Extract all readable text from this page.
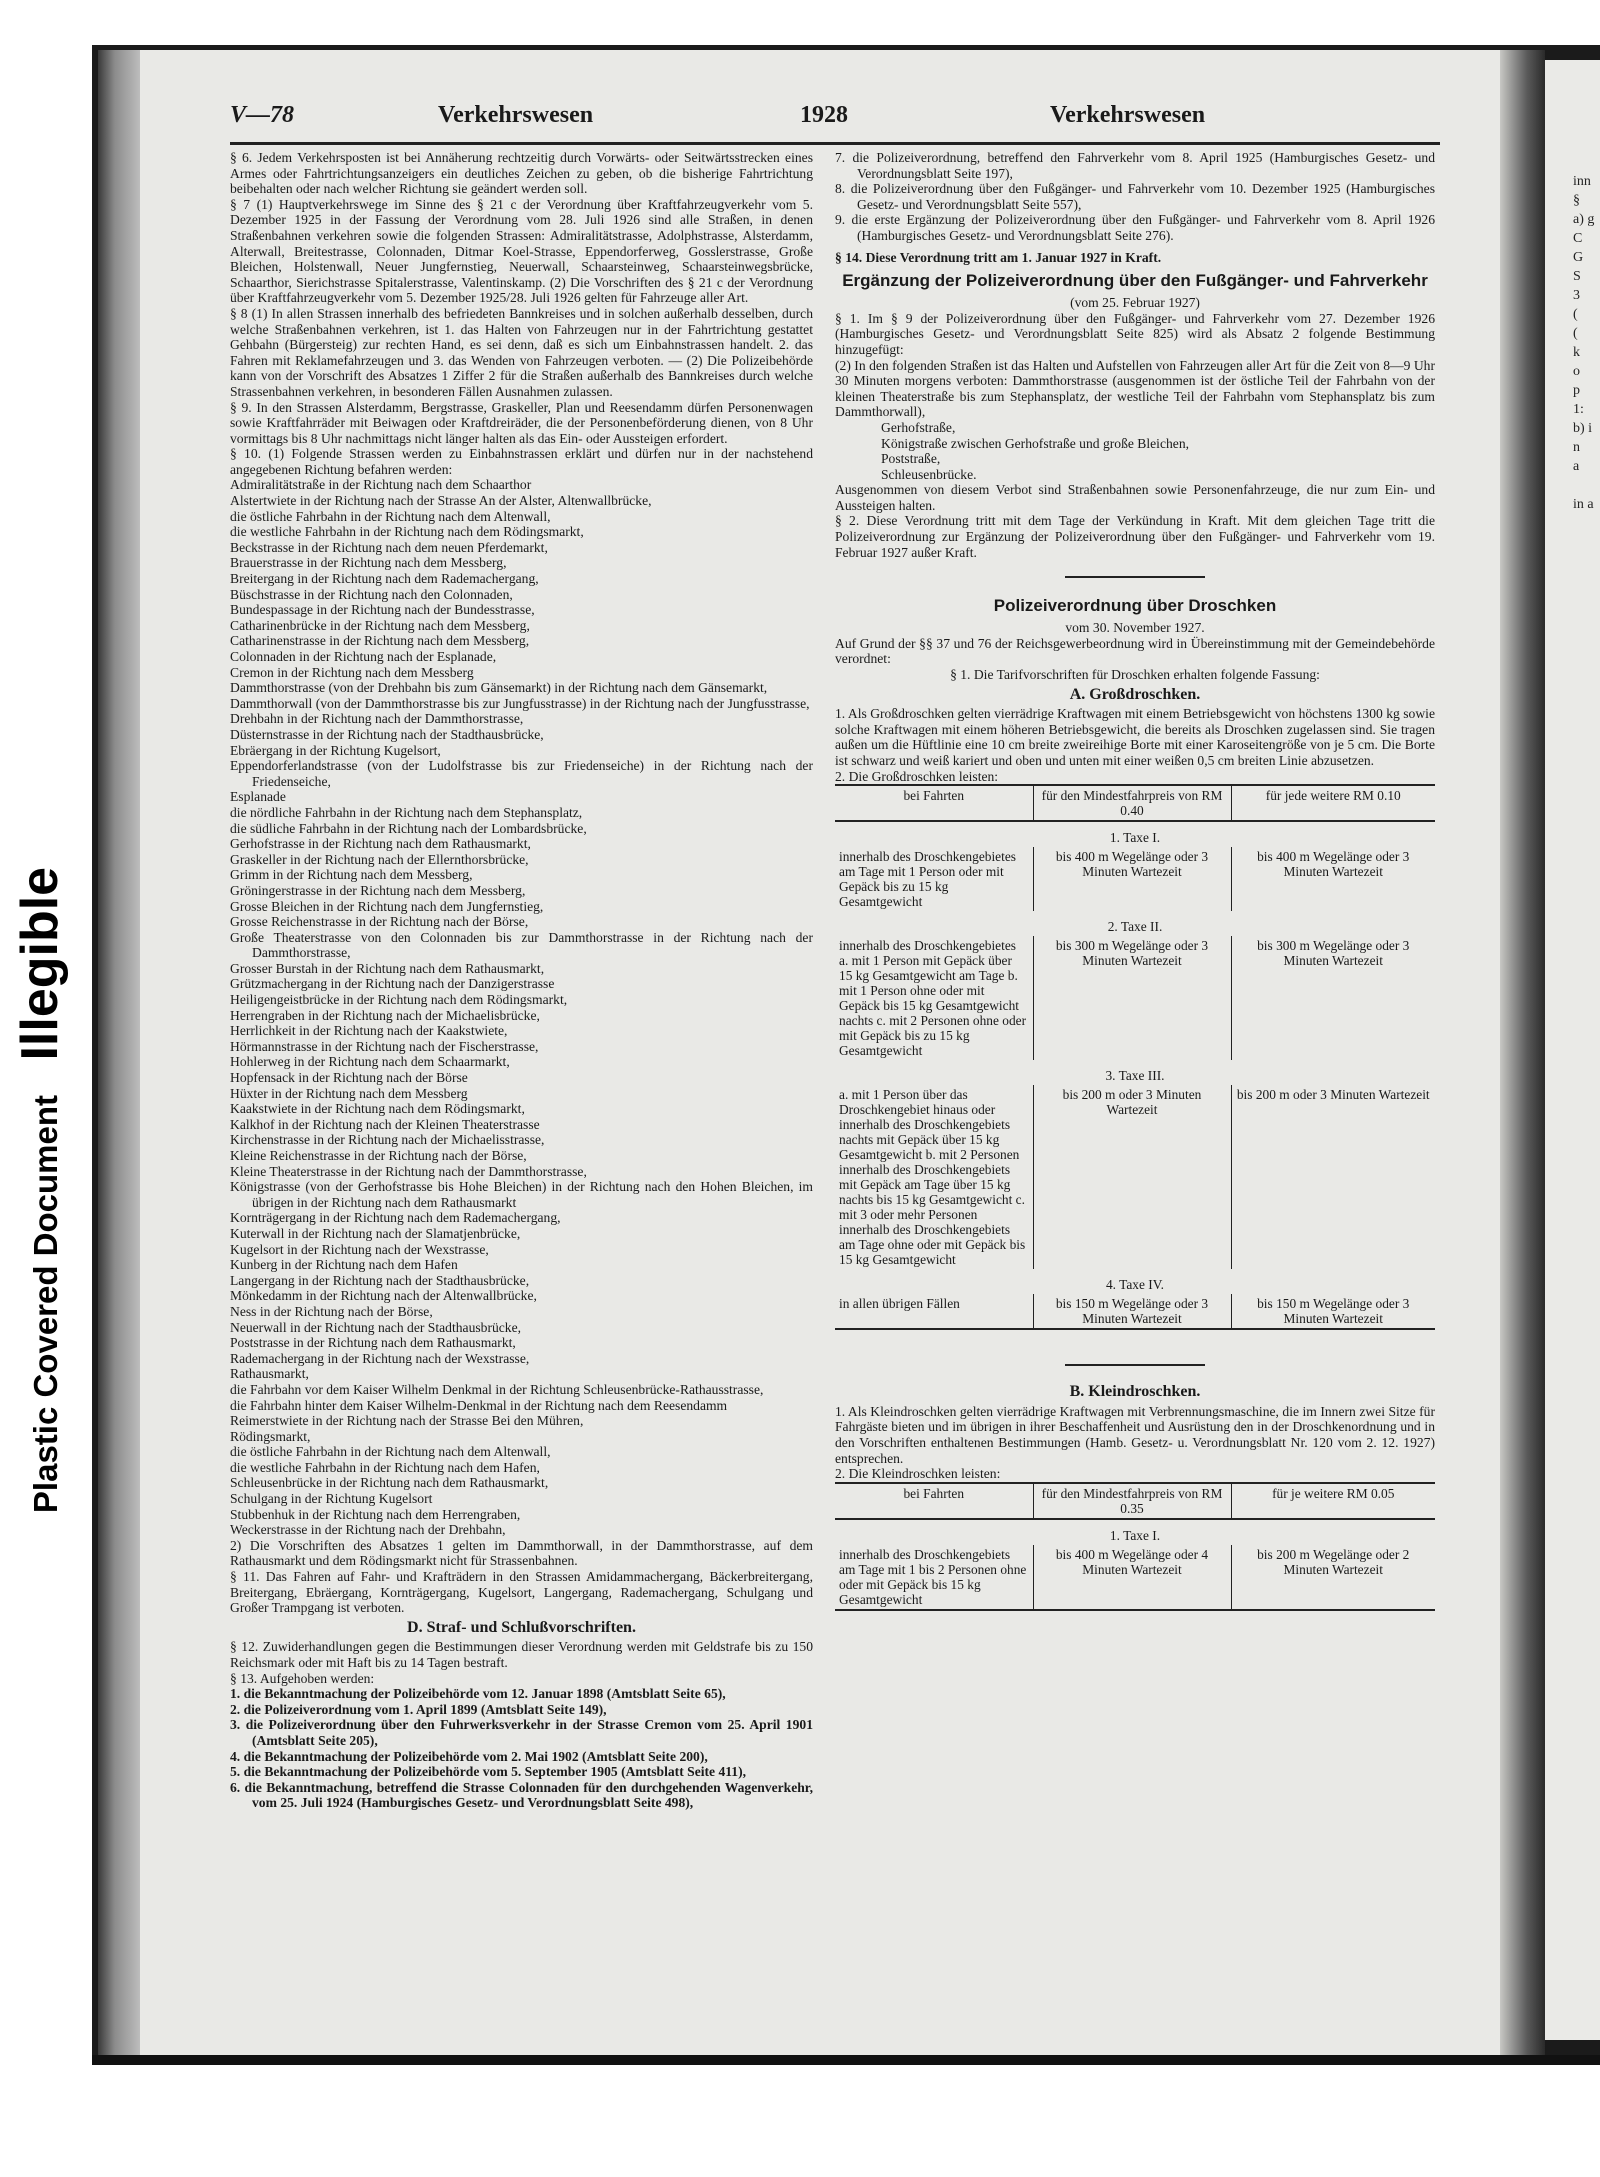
inn
§
a) g
C
G
S
3
(
(
k
o
p
1:
b) i
n
a
in a
Plastic Covered Document Illegible
V—78	Verkehrswesen	1928	Verkehrswesen

§ 6. Jedem Verkehrsposten ist bei Annäherung rechtzeitig durch Vorwärts- oder Seitwärtsstrecken eines Armes oder Fahrtrichtungsanzeigers ein deutliches Zeichen zu geben, ob die bisherige Fahrtrichtung beibehalten oder nach welcher Richtung sie geändert werden soll.

§ 7 (1) Hauptverkehrswege im Sinne des § 21 c der Verordnung über Kraftfahrzeugverkehr vom 5. Dezember 1925 in der Fassung der Verordnung vom 28. Juli 1926 sind alle Straßen, in denen Straßenbahnen verkehren sowie die folgenden Strassen: Admiralitätstrasse, Adolphstrasse, Alsterdamm, Alterwall, Breitestrasse, Colonnaden, Ditmar Koel-Strasse, Eppendorferweg, Gosslerstrasse, Große Bleichen, Holstenwall, Neuer Jungfernstieg, Neuerwall, Schaarsteinweg, Schaarsteinwegsbrücke, Schaarthor, Sierichstrasse Spitalerstrasse, Valentinskamp. (2) Die Vorschriften des § 21 c der Verordnung über Kraftfahrzeugverkehr vom 5. Dezember 1925/28. Juli 1926 gelten für Fahrzeuge aller Art.

§ 8 (1) In allen Strassen innerhalb des befriedeten Bannkreises und in solchen außerhalb desselben, durch welche Straßenbahnen verkehren, ist 1. das Halten von Fahrzeugen nur in der Fahrtrichtung gestattet Gehbahn (Bürgersteig) zur rechten Hand, es sei denn, daß es sich um Einbahnstrassen handelt. 2. das Fahren mit Reklamefahrzeugen und 3. das Wenden von Fahrzeugen verboten. — (2) Die Polizeibehörde kann von der Vorschrift des Absatzes 1 Ziffer 2 für die Straßen außerhalb des Bannkreises durch welche Strassenbahnen verkehren, in besonderen Fällen Ausnahmen zulassen.

§ 9. In den Strassen Alsterdamm, Bergstrasse, Graskeller, Plan und Reesendamm dürfen Personenwagen sowie Kraftfahrräder mit Beiwagen oder Kraftdreiräder, die der Personenbeförderung dienen, von 8 Uhr vormittags bis 8 Uhr nachmittags nicht länger halten als das Ein- oder Aussteigen erfordert.

§ 10. (1) Folgende Strassen werden zu Einbahnstrassen erklärt und dürfen nur in der nachstehend angegebenen Richtung befahren werden:

Admiralitätstraße in der Richtung nach dem Schaarthor

Alstertwiete in der Richtung nach der Strasse An der Alster, Altenwallbrücke,

die östliche Fahrbahn in der Richtung nach dem Altenwall,

die westliche Fahrbahn in der Richtung nach dem Rödingsmarkt,

Beckstrasse in der Richtung nach dem neuen Pferdemarkt,

Brauerstrasse in der Richtung nach dem Messberg,

Breitergang in der Richtung nach dem Rademachergang,

Büschstrasse in der Richtung nach den Colonnaden,

Bundespassage in der Richtung nach der Bundesstrasse,

Catharinenbrücke in der Richtung nach dem Messberg,

Catharinenstrasse in der Richtung nach dem Messberg,

Colonnaden in der Richtung nach der Esplanade,

Cremon in der Richtung nach dem Messberg

Dammthorstrasse (von der Drehbahn bis zum Gänsemarkt) in der Richtung nach dem Gänsemarkt,

Dammthorwall (von der Dammthorstrasse bis zur Jungfusstrasse) in der Richtung nach der Jungfusstrasse,

Drehbahn in der Richtung nach der Dammthorstrasse,

Düsternstrasse in der Richtung nach der Stadthausbrücke,

Ebräergang in der Richtung Kugelsort,

Eppendorferlandstrasse (von der Ludolfstrasse bis zur Friedenseiche) in der Richtung nach der Friedenseiche,

Esplanade

die nördliche Fahrbahn in der Richtung nach dem Stephansplatz,

die südliche Fahrbahn in der Richtung nach der Lombardsbrücke,

Gerhofstrasse in der Richtung nach dem Rathausmarkt,

Graskeller in der Richtung nach der Ellernthorsbrücke,

Grimm in der Richtung nach dem Messberg,

Gröningerstrasse in der Richtung nach dem Messberg,

Grosse Bleichen in der Richtung nach dem Jungfernstieg,

Grosse Reichenstrasse in der Richtung nach der Börse,

Große Theaterstrasse von den Colonnaden bis zur Dammthorstrasse in der Richtung nach der Dammthorstrasse,

Grosser Burstah in der Richtung nach dem Rathausmarkt,

Grützmachergang in der Richtung nach der Danzigerstrasse

Heiligengeistbrücke in der Richtung nach dem Rödingsmarkt,

Herrengraben in der Richtung nach der Michaelisbrücke,

Herrlichkeit in der Richtung nach der Kaakstwiete,

Hörmannstrasse in der Richtung nach der Fischerstrasse,

Hohlerweg in der Richtung nach dem Schaarmarkt,

Hopfensack in der Richtung nach der Börse

Hüxter in der Richtung nach dem Messberg

Kaakstwiete in der Richtung nach dem Rödingsmarkt,

Kalkhof in der Richtung nach der Kleinen Theaterstrasse

Kirchenstrasse in der Richtung nach der Michaelisstrasse,

Kleine Reichenstrasse in der Richtung nach der Börse,

Kleine Theaterstrasse in der Richtung nach der Dammthorstrasse,

Königstrasse (von der Gerhofstrasse bis Hohe Bleichen) in der Richtung nach den Hohen Bleichen, im übrigen in der Richtung nach dem Rathausmarkt

Kornträgergang in der Richtung nach dem Rademachergang,

Kuterwall in der Richtung nach der Slamatjenbrücke,

Kugelsort in der Richtung nach der Wexstrasse,

Kunberg in der Richtung nach dem Hafen

Langergang in der Richtung nach der Stadthausbrücke,

Mönkedamm in der Richtung nach der Altenwallbrücke,

Ness in der Richtung nach der Börse,

Neuerwall in der Richtung nach der Stadthausbrücke,

Poststrasse in der Richtung nach dem Rathausmarkt,

Rademachergang in der Richtung nach der Wexstrasse,

Rathausmarkt,

die Fahrbahn vor dem Kaiser Wilhelm Denkmal in der Richtung Schleusenbrücke-Rathausstrasse,

die Fahrbahn hinter dem Kaiser Wilhelm-Denkmal in der Richtung nach dem Reesendamm

Reimerstwiete in der Richtung nach der Strasse Bei den Mühren,

Rödingsmarkt,

die östliche Fahrbahn in der Richtung nach dem Altenwall,

die westliche Fahrbahn in der Richtung nach dem Hafen,

Schleusenbrücke in der Richtung nach dem Rathausmarkt,

Schulgang in der Richtung Kugelsort

Stubbenhuk in der Richtung nach dem Herrengraben,

Weckerstrasse in der Richtung nach der Drehbahn,

2) Die Vorschriften des Absatzes 1 gelten im Dammthorwall, in der Dammthorstrasse, auf dem Rathausmarkt und dem Rödingsmarkt nicht für Strassenbahnen.

§ 11. Das Fahren auf Fahr- und Krafträdern in den Strassen Amidammachergang, Bäckerbreitergang, Breitergang, Ebräergang, Kornträgergang, Kugelsort, Langergang, Rademachergang, Schulgang und Großer Trampgang ist verboten.

D. Straf- und Schlußvorschriften.

§ 12. Zuwiderhandlungen gegen die Bestimmungen dieser Verordnung werden mit Geldstrafe bis zu 150 Reichsmark oder mit Haft bis zu 14 Tagen bestraft.

§ 13. Aufgehoben werden:

1. die Bekanntmachung der Polizeibehörde vom 12. Januar 1898 (Amtsblatt Seite 65),

2. die Polizeiverordnung vom 1. April 1899 (Amtsblatt Seite 149),

3. die Polizeiverordnung über den Fuhrwerksverkehr in der Strasse Cremon vom 25. April 1901 (Amtsblatt Seite 205),

4. die Bekanntmachung der Polizeibehörde vom 2. Mai 1902 (Amtsblatt Seite 200),

5. die Bekanntmachung der Polizeibehörde vom 5. September 1905 (Amtsblatt Seite 411),

6. die Bekanntmachung, betreffend die Strasse Colonnaden für den durchgehenden Wagenverkehr, vom 25. Juli 1924 (Hamburgisches Gesetz- und Verordnungsblatt Seite 498),

7. die Polizeiverordnung, betreffend den Fahrverkehr vom 8. April 1925 (Hamburgisches Gesetz- und Verordnungsblatt Seite 197),

8. die Polizeiverordnung über den Fußgänger- und Fahrverkehr vom 10. Dezember 1925 (Hamburgisches Gesetz- und Verordnungsblatt Seite 557),

9. die erste Ergänzung der Polizeiverordnung über den Fußgänger- und Fahrverkehr vom 8. April 1926 (Hamburgisches Gesetz- und Verordnungsblatt Seite 276).

§ 14. Diese Verordnung tritt am 1. Januar 1927 in Kraft.

Ergänzung der Polizeiverordnung über den Fußgänger- und Fahrverkehr

(vom 25. Februar 1927)

§ 1. Im § 9 der Polizeiverordnung über den Fußgänger- und Fahrverkehr vom 27. Dezember 1926 (Hamburgisches Gesetz- und Verordnungsblatt Seite 825) wird als Absatz 2 folgende Bestimmung hinzugefügt:

(2) In den folgenden Straßen ist das Halten und Aufstellen von Fahrzeugen aller Art für die Zeit von 8—9 Uhr 30 Minuten morgens verboten: Dammthorstrasse (ausgenommen ist der östliche Teil der Fahrbahn von der kleinen Theaterstraße bis zum Stephansplatz, der westliche Teil der Fahrbahn vom Stephansplatz bis zum Dammthorwall),

Gerhofstraße,

Königstraße zwischen Gerhofstraße und große Bleichen,

Poststraße,

Schleusenbrücke.

Ausgenommen von diesem Verbot sind Straßenbahnen sowie Personenfahrzeuge, die nur zum Ein- und Aussteigen halten.

§ 2. Diese Verordnung tritt mit dem Tage der Verkündung in Kraft. Mit dem gleichen Tage tritt die Polizeiverordnung zur Ergänzung der Polizeiverordnung über den Fußgänger- und Fahrverkehr vom 19. Februar 1927 außer Kraft.

Polizeiverordnung über Droschken

vom 30. November 1927.

Auf Grund der §§ 37 und 76 der Reichsgewerbeordnung wird in Übereinstimmung mit der Gemeindebehörde verordnet:

§ 1. Die Tarifvorschriften für Droschken erhalten folgende Fassung:

A. Großdroschken.

1. Als Großdroschken gelten vierrädrige Kraftwagen mit einem Betriebsgewicht von höchstens 1300 kg sowie solche Kraftwagen mit einem höheren Betriebsgewicht, die bereits als Droschken zugelassen sind. Sie tragen außen um die Hüftlinie eine 10 cm breite zweireihige Borte mit einer Karoseitengröße von je 5 cm. Die Borte ist schwarz und weiß kariert und oben und unten mit einer weißen 0,5 cm breiten Linie abzusetzen.

2. Die Großdroschken leisten:

bei Fahrten	für den Mindestfahrpreis von RM 0.40	für jede weitere RM 0.10
1. Taxe I.		
innerhalb des Droschkengebietes am Tage mit 1 Person oder mit Gepäck bis zu 15 kg Gesamtgewicht	bis 400 m Wegelänge oder 3 Minuten Wartezeit	bis 400 m Wegelänge oder 3 Minuten Wartezeit
2. Taxe II.		
innerhalb des Droschkengebietes a. mit 1 Person mit Gepäck über 15 kg Gesamtgewicht am Tage b. mit 1 Person ohne oder mit Gepäck bis 15 kg Gesamtgewicht nachts c. mit 2 Personen ohne oder mit Gepäck bis zu 15 kg Gesamtgewicht	bis 300 m Wegelänge oder 3 Minuten Wartezeit	bis 300 m Wegelänge oder 3 Minuten Wartezeit
3. Taxe III.		
a. mit 1 Person über das Droschkengebiet hinaus oder innerhalb des Droschkengebiets nachts mit Gepäck über 15 kg Gesamtgewicht b. mit 2 Personen innerhalb des Droschkengebiets mit Gepäck am Tage über 15 kg nachts bis 15 kg Gesamtgewicht c. mit 3 oder mehr Personen innerhalb des Droschkengebiets am Tage ohne oder mit Gepäck bis 15 kg Gesamtgewicht	bis 200 m oder 3 Minuten Wartezeit	bis 200 m oder 3 Minuten Wartezeit
4. Taxe IV.		
in allen übrigen Fällen	bis 150 m Wegelänge oder 3 Minuten Wartezeit	bis 150 m Wegelänge oder 3 Minuten Wartezeit
B. Kleindroschken.

1. Als Kleindroschken gelten vierrädrige Kraftwagen mit Verbrennungsmaschine, die im Innern zwei Sitze für Fahrgäste bieten und im übrigen in ihrer Beschaffenheit und Ausrüstung den in der Droschkenordnung und in den Vorschriften enthaltenen Bestimmungen (Hamb. Gesetz- u. Verordnungsblatt Nr. 120 vom 2. 12. 1927) entsprechen.

2. Die Kleindroschken leisten:

bei Fahrten	für den Mindestfahrpreis von RM 0.35	für je weitere RM 0.05
1. Taxe I.		
innerhalb des Droschkengebiets am Tage mit 1 bis 2 Personen ohne oder mit Gepäck bis 15 kg Gesamtgewicht	bis 400 m Wegelänge oder 4 Minuten Wartezeit	bis 200 m Wegelänge oder 2 Minuten Wartezeit
